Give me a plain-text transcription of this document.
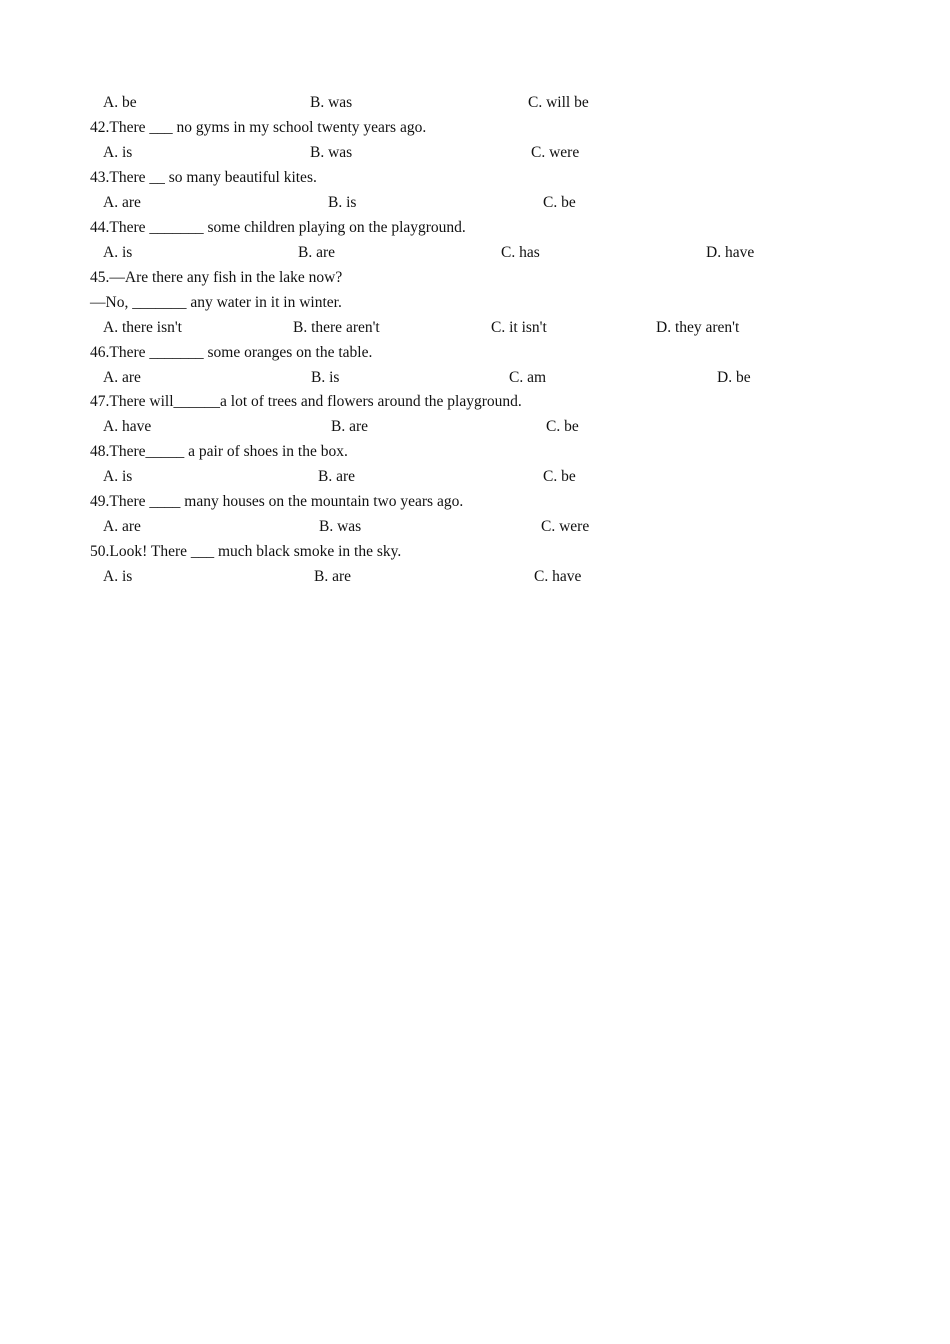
A. be

	B. was

	C. will be

42.There ___ no gyms in my school twenty years ago.

A. is

	B. was

	C. were

43.There __ so many beautiful kites.

A. are

	B. is

	C. be

44.There _______ some children playing on the playground.

A. is

	B. are

	C. has

	D. have

45.—Are there any fish in the lake now?

—No, _______ any water in it in winter.

A. there isn't

	B. there aren't

	C. it isn't

	D. they aren't

46.There _______ some oranges on the table.

A. are

	B. is

	C. am

	D. be

47.There will______a lot of trees and flowers around the playground.

A. have

	B. are

	C. be

48.There_____ a pair of shoes in the box.

A. is

	B. are

	C. be

49.There ____ many houses on the mountain two years ago.

A. are

	B. was

	C. were

50.Look! There ___ much black smoke in the sky.

A. is

	B. are

	C. have
